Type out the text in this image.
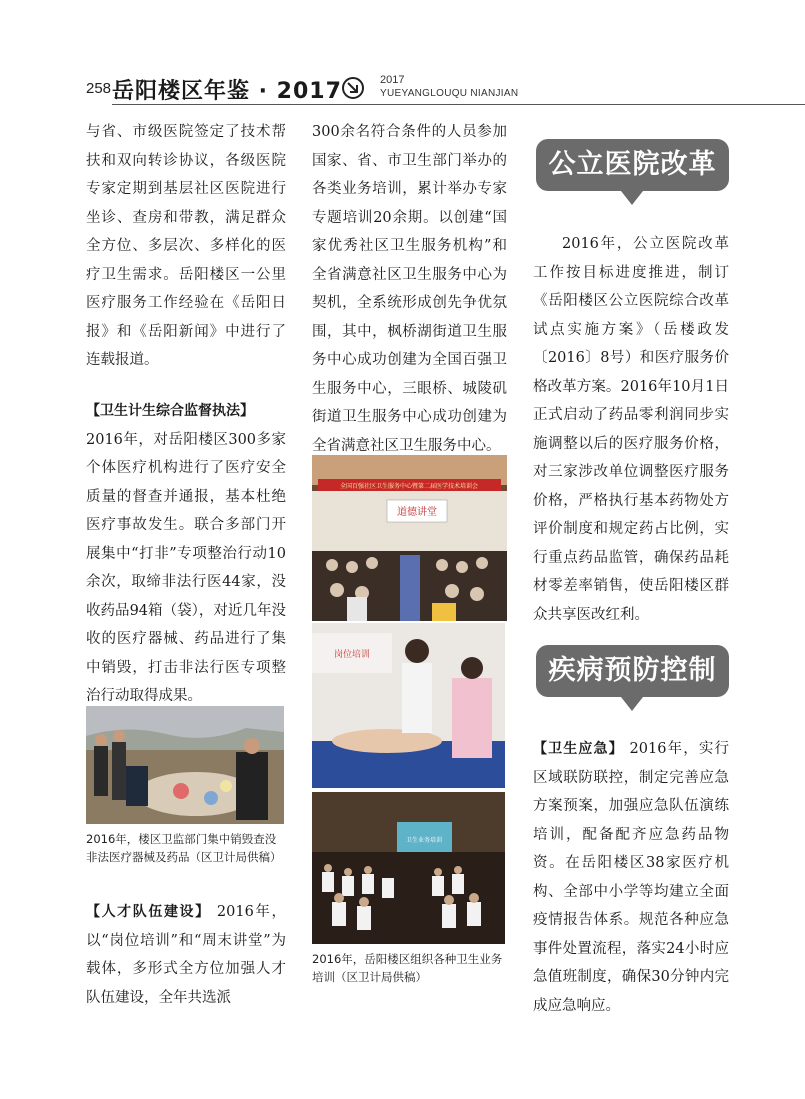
258 岳阳楼区年鉴 · 2017	2017
YUEYANGLOUQU NIANJIAN

与省、市级医院签定了技术帮扶和双向转诊协议，各级医院专家定期到基层社区医院进行坐诊、查房和带教，满足群众全方位、多层次、多样化的医疗卫生需求。岳阳楼区一公里医疗服务工作经验在《岳阳日报》和《岳阳新闻》中进行了连载报道。

【卫生计生综合监督执法】

2016年，对岳阳楼区300多家个体医疗机构进行了医疗安全质量的督查并通报，基本杜绝医疗事故发生。联合多部门开展集中“打非”专项整治行动10余次，取缔非法行医44家，没收药品94箱（袋），对近几年没收的医疗器械、药品进行了集中销毁，打击非法行医专项整治行动取得成果。

2016年，楼区卫监部门集中销毁查没非法医疗器械及药品（区卫计局供稿）

【人才队伍建设】 2016年，以“岗位培训”和“周末讲堂”为载体，多形式全方位加强人才队伍建设，全年共选派

300余名符合条件的人员参加国家、省、市卫生部门举办的各类业务培训，累计举办专家专题培训20余期。以创建“国家优秀社区卫生服务机构”和全省满意社区卫生服务中心为契机，全系统形成创先争优氛围，其中，枫桥湖街道卫生服务中心成功创建为全国百强卫生服务中心，三眼桥、城陵矶街道卫生服务中心成功创建为全省满意社区卫生服务中心。

全国百强社区卫生服务中心暨第二届医学技术培训会
道德讲堂
岗位培训
卫生业务培训
2016年，岳阳楼区组织各种卫生业务培训（区卫计局供稿）
公立医院改革

2016年，公立医院改革工作按目标进度推进，制订《岳阳楼区公立医院综合改革试点实施方案》（岳楼政发〔2016〕8号）和医疗服务价格改革方案。2016年10月1日正式启动了药品零利润同步实施调整以后的医疗服务价格，对三家涉改单位调整医疗服务价格，严格执行基本药物处方评价制度和规定药占比例，实行重点药品监管，确保药品耗材零差率销售，使岳阳楼区群众共享医改红利。

疾病预防控制

【卫生应急】 2016年，实行区域联防联控，制定完善应急方案预案，加强应急队伍演练培训，配备配齐应急药品物资。在岳阳楼区38家医疗机构、全部中小学等均建立全面疫情报告体系。规范各种应急事件处置流程，落实24小时应急值班制度，确保30分钟内完成应急响应。
